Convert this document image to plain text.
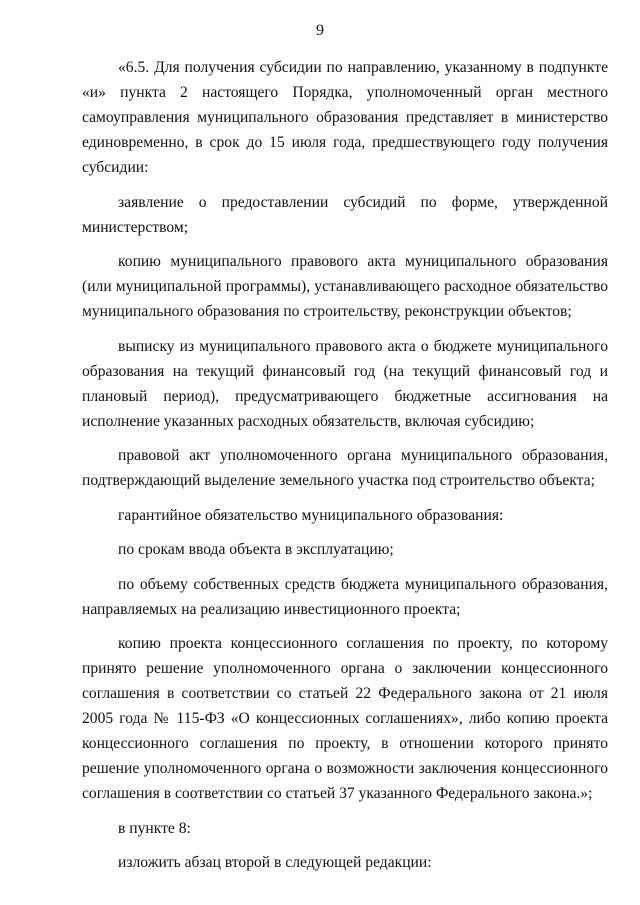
9

«6.5. Для получения субсидии по направлению, указанному в подпункте «и» пункта 2 настоящего Порядка, уполномоченный орган местного самоуправления муниципального образования представляет в министерство единовременно, в срок до 15 июля года, предшествующего году получения субсидии:

заявление о предоставлении субсидий по форме, утвержденной министерством;

копию муниципального правового акта муниципального образования (или муниципальной программы), устанавливающего расходное обязательство муниципального образования по строительству, реконструкции объектов;

выписку из муниципального правового акта о бюджете муниципального образования на текущий финансовый год (на текущий финансовый год и плановый период), предусматривающего бюджетные ассигнования на исполнение указанных расходных обязательств, включая субсидию;

правовой акт уполномоченного органа муниципального образования, подтверждающий выделение земельного участка под строительство объекта;

гарантийное обязательство муниципального образования:

по срокам ввода объекта в эксплуатацию;

по объему собственных средств бюджета муниципального образования, направляемых на реализацию инвестиционного проекта;

копию проекта концессионного соглашения по проекту, по которому принято решение уполномоченного органа о заключении концессионного соглашения в соответствии со статьей 22 Федерального закона от 21 июля 2005 года № 115-ФЗ «О концессионных соглашениях», либо копию проекта концессионного соглашения по проекту, в отношении которого принято решение уполномоченного органа о возможности заключения концессионного соглашения в соответствии со статьей 37 указанного Федерального закона.»;

в пункте 8:

изложить абзац второй в следующей редакции:
